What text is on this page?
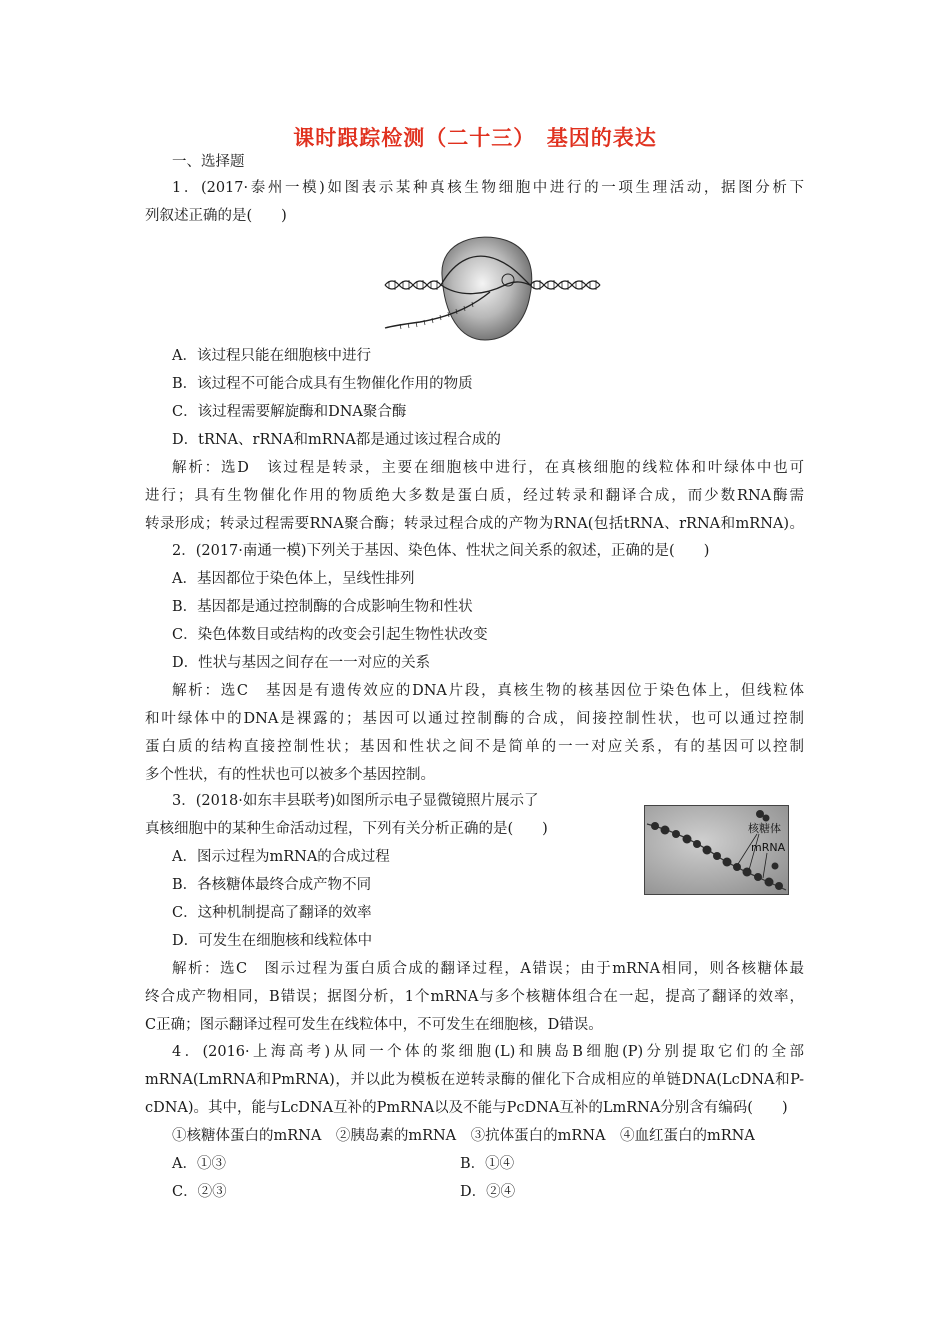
课时跟踪检测（二十三）　基因的表达
一、选择题
1．(2017·泰州一模)如图表示某种真核生物细胞中进行的一项生理活动，据图分析下
列叙述正确的是(　　)
A．该过程只能在细胞核中进行
B．该过程不可能合成具有生物催化作用的物质
C．该过程需要解旋酶和DNA聚合酶
D．tRNA、rRNA和mRNA都是通过该过程合成的
解析：选D　该过程是转录，主要在细胞核中进行，在真核细胞的线粒体和叶绿体中也可
进行；具有生物催化作用的物质绝大多数是蛋白质，经过转录和翻译合成，而少数RNA酶需
转录形成；转录过程需要RNA聚合酶；转录过程合成的产物为RNA(包括tRNA、rRNA和mRNA)。
2．(2017·南通一模)下列关于基因、染色体、性状之间关系的叙述，正确的是(　　)
A．基因都位于染色体上，呈线性排列
B．基因都是通过控制酶的合成影响生物和性状
C．染色体数目或结构的改变会引起生物性状改变
D．性状与基因之间存在一一对应的关系
解析：选C　基因是有遗传效应的DNA片段，真核生物的核基因位于染色体上，但线粒体
和叶绿体中的DNA是裸露的；基因可以通过控制酶的合成，间接控制性状，也可以通过控制
蛋白质的结构直接控制性状；基因和性状之间不是简单的一一对应关系，有的基因可以控制
多个性状，有的性状也可以被多个基因控制。
3．(2018·如东丰县联考)如图所示电子显微镜照片展示了
真核细胞中的某种生命活动过程，下列有关分析正确的是(　　)
A．图示过程为mRNA的合成过程
B．各核糖体最终合成产物不同
C．这种机制提高了翻译的效率
D．可发生在细胞核和线粒体中
核糖体
mRNA
解析：选C　图示过程为蛋白质合成的翻译过程，A错误；由于mRNA相同，则各核糖体最
终合成产物相同，B错误；据图分析，1个mRNA与多个核糖体组合在一起，提高了翻译的效率，
C正确；图示翻译过程可发生在线粒体中，不可发生在细胞核，D错误。
4．(2016·上海高考)从同一个体的浆细胞(L)和胰岛B细胞(P)分别提取它们的全部
mRNA(LmRNA和PmRNA)，并以此为模板在逆转录酶的催化下合成相应的单链DNA(LcDNA和P-
cDNA)。其中，能与LcDNA互补的PmRNA以及不能与PcDNA互补的LmRNA分别含有编码(　　)
①核糖体蛋白的mRNA　②胰岛素的mRNA　③抗体蛋白的mRNA　④血红蛋白的mRNA
A．①③	B．①④
C．②③	D．②④
